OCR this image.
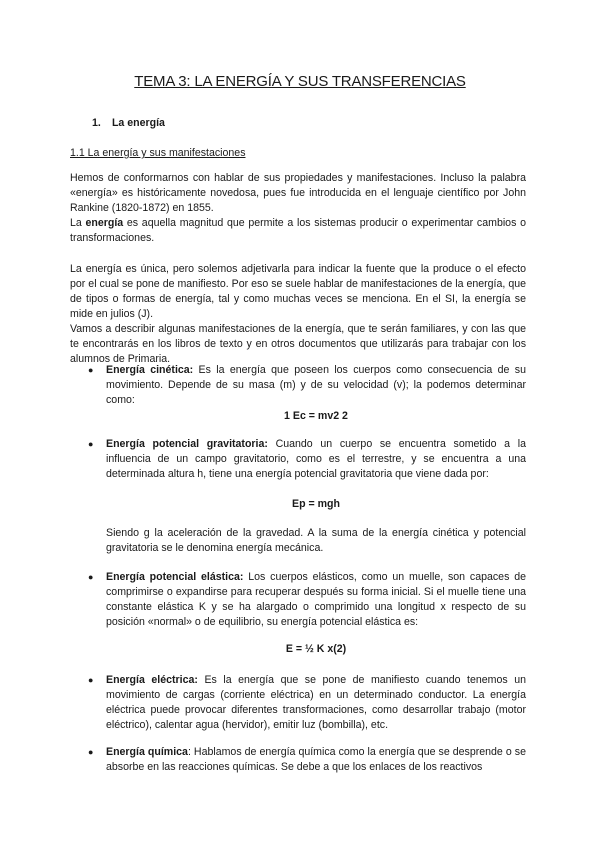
TEMA 3: LA ENERGÍA Y SUS TRANSFERENCIAS
1. La energía
1.1 La energía y sus manifestaciones

Hemos de conformarnos con hablar de sus propiedades y manifestaciones. Incluso la palabra «energía» es históricamente novedosa, pues fue introducida en el lenguaje científico por John Rankine (1820-1872) en 1855.

La energía es aquella magnitud que permite a los sistemas producir o experimentar cambios o transformaciones.

La energía es única, pero solemos adjetivarla para indicar la fuente que la produce o el efecto por el cual se pone de manifiesto. Por eso se suele hablar de manifestaciones de la energía, que de tipos o formas de energía, tal y como muchas veces se menciona. En el SI, la energía se mide en julios (J).

Vamos a describir algunas manifestaciones de la energía, que te serán familiares, y con las que te encontrarás en los libros de texto y en otros documentos que utilizarás para trabajar con los alumnos de Primaria.

●	Energía cinética: Es la energía que poseen los cuerpos como consecuencia de su movimiento. Depende de su masa (m) y de su velocidad (v); la podemos determinar como:
1 Ec = mv2 2
●	Energía potencial gravitatoria: Cuando un cuerpo se encuentra sometido a la influencia de un campo gravitatorio, como es el terrestre, y se encuentra a una determinada altura h, tiene una energía potencial gravitatoria que viene dada por:
Ep = mgh
Siendo g la aceleración de la gravedad. A la suma de la energía cinética y potencial gravitatoria se le denomina energía mecánica.
●	Energía potencial elástica: Los cuerpos elásticos, como un muelle, son capaces de comprimirse o expandirse para recuperar después su forma inicial. Si el muelle tiene una constante elástica K y se ha alargado o comprimido una longitud x respecto de su posición «normal» o de equilibrio, su energía potencial elástica es:
E = ½ K x(2)
●	Energía eléctrica: Es la energía que se pone de manifiesto cuando tenemos un movimiento de cargas (corriente eléctrica) en un determinado conductor. La energía eléctrica puede provocar diferentes transformaciones, como desarrollar trabajo (motor eléctrico), calentar agua (hervidor), emitir luz (bombilla), etc.
●	Energía química: Hablamos de energía química como la energía que se desprende o se absorbe en las reacciones químicas. Se debe a que los enlaces de los reactivos
